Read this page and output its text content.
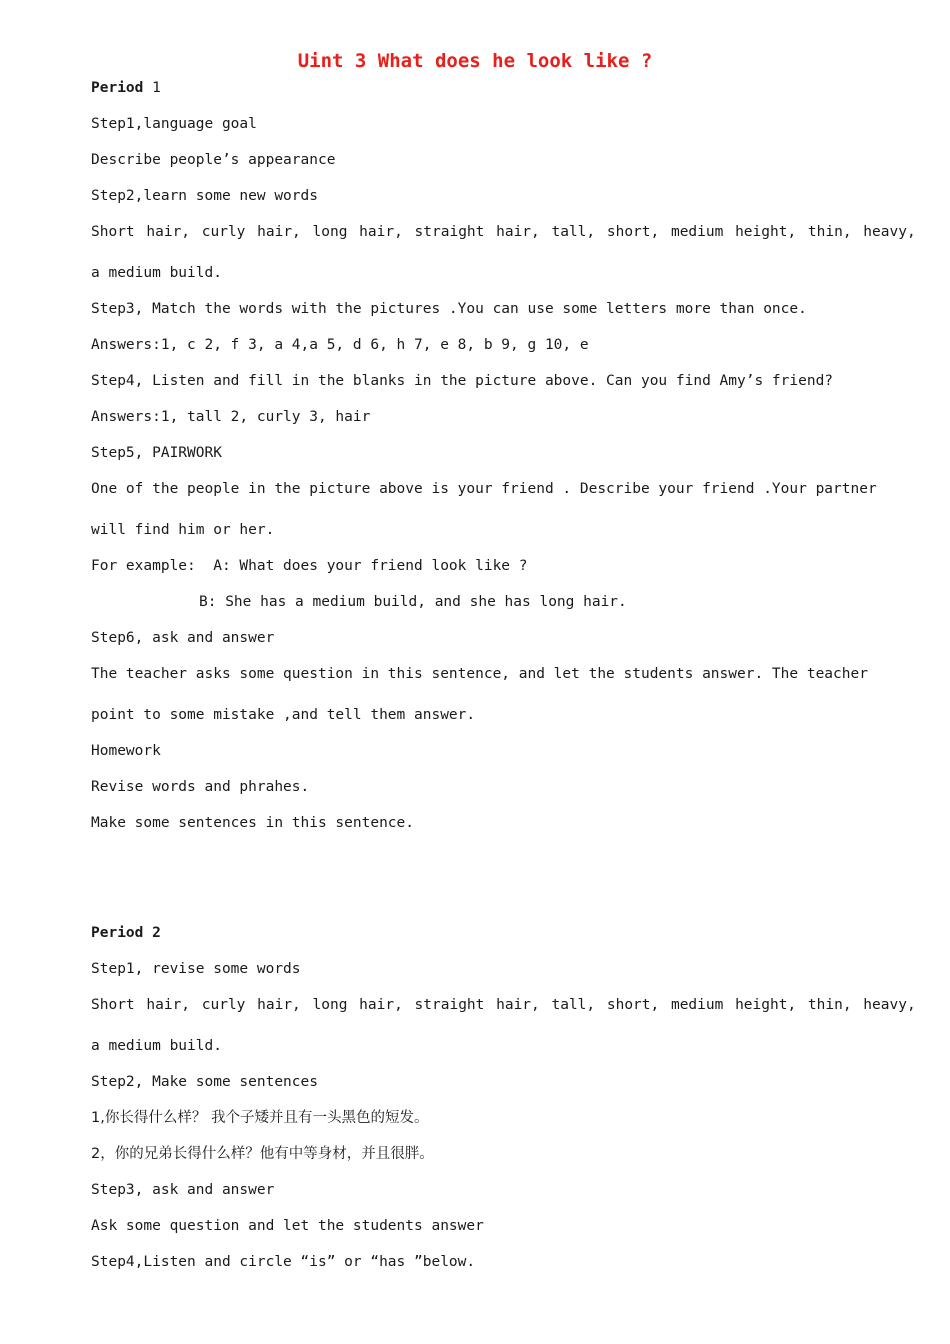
Uint 3 What does he look like ?
Period 1
Step1,language goal
Describe people’s appearance
Step2,learn some new words
Short hair, curly hair, long hair, straight hair, tall, short, medium height, thin, heavy,
a medium build.
Step3, Match the words with the pictures .You can use some letters more than once.
Answers:1, c 2, f 3, a 4,a 5, d 6, h 7, e 8, b 9, g 10, e
Step4, Listen and fill in the blanks in the picture above. Can you find Amy’s friend?
Answers:1, tall 2, curly 3, hair
Step5, PAIRWORK
One of the people in the picture above is your friend . Describe your friend .Your partner
will find him or her.
For example:  A: What does your friend look like ?
B: She has a medium build, and she has long hair.
Step6, ask and answer
The teacher asks some question in this sentence, and let the students answer. The teacher
point to some mistake ,and tell them answer.
Homework
Revise words and phrahes.
Make some sentences in this sentence.
Period 2
Step1, revise some words
Short hair, curly hair, long hair, straight hair, tall, short, medium height, thin, heavy,
a medium build.
Step2, Make some sentences
1,你长得什么样？ 我个子矮并且有一头黑色的短发。
2，你的兄弟长得什么样？他有中等身材，并且很胖。
Step3, ask and answer
Ask some question and let the students answer
Step4,Listen and circle “is” or “has ”below.
